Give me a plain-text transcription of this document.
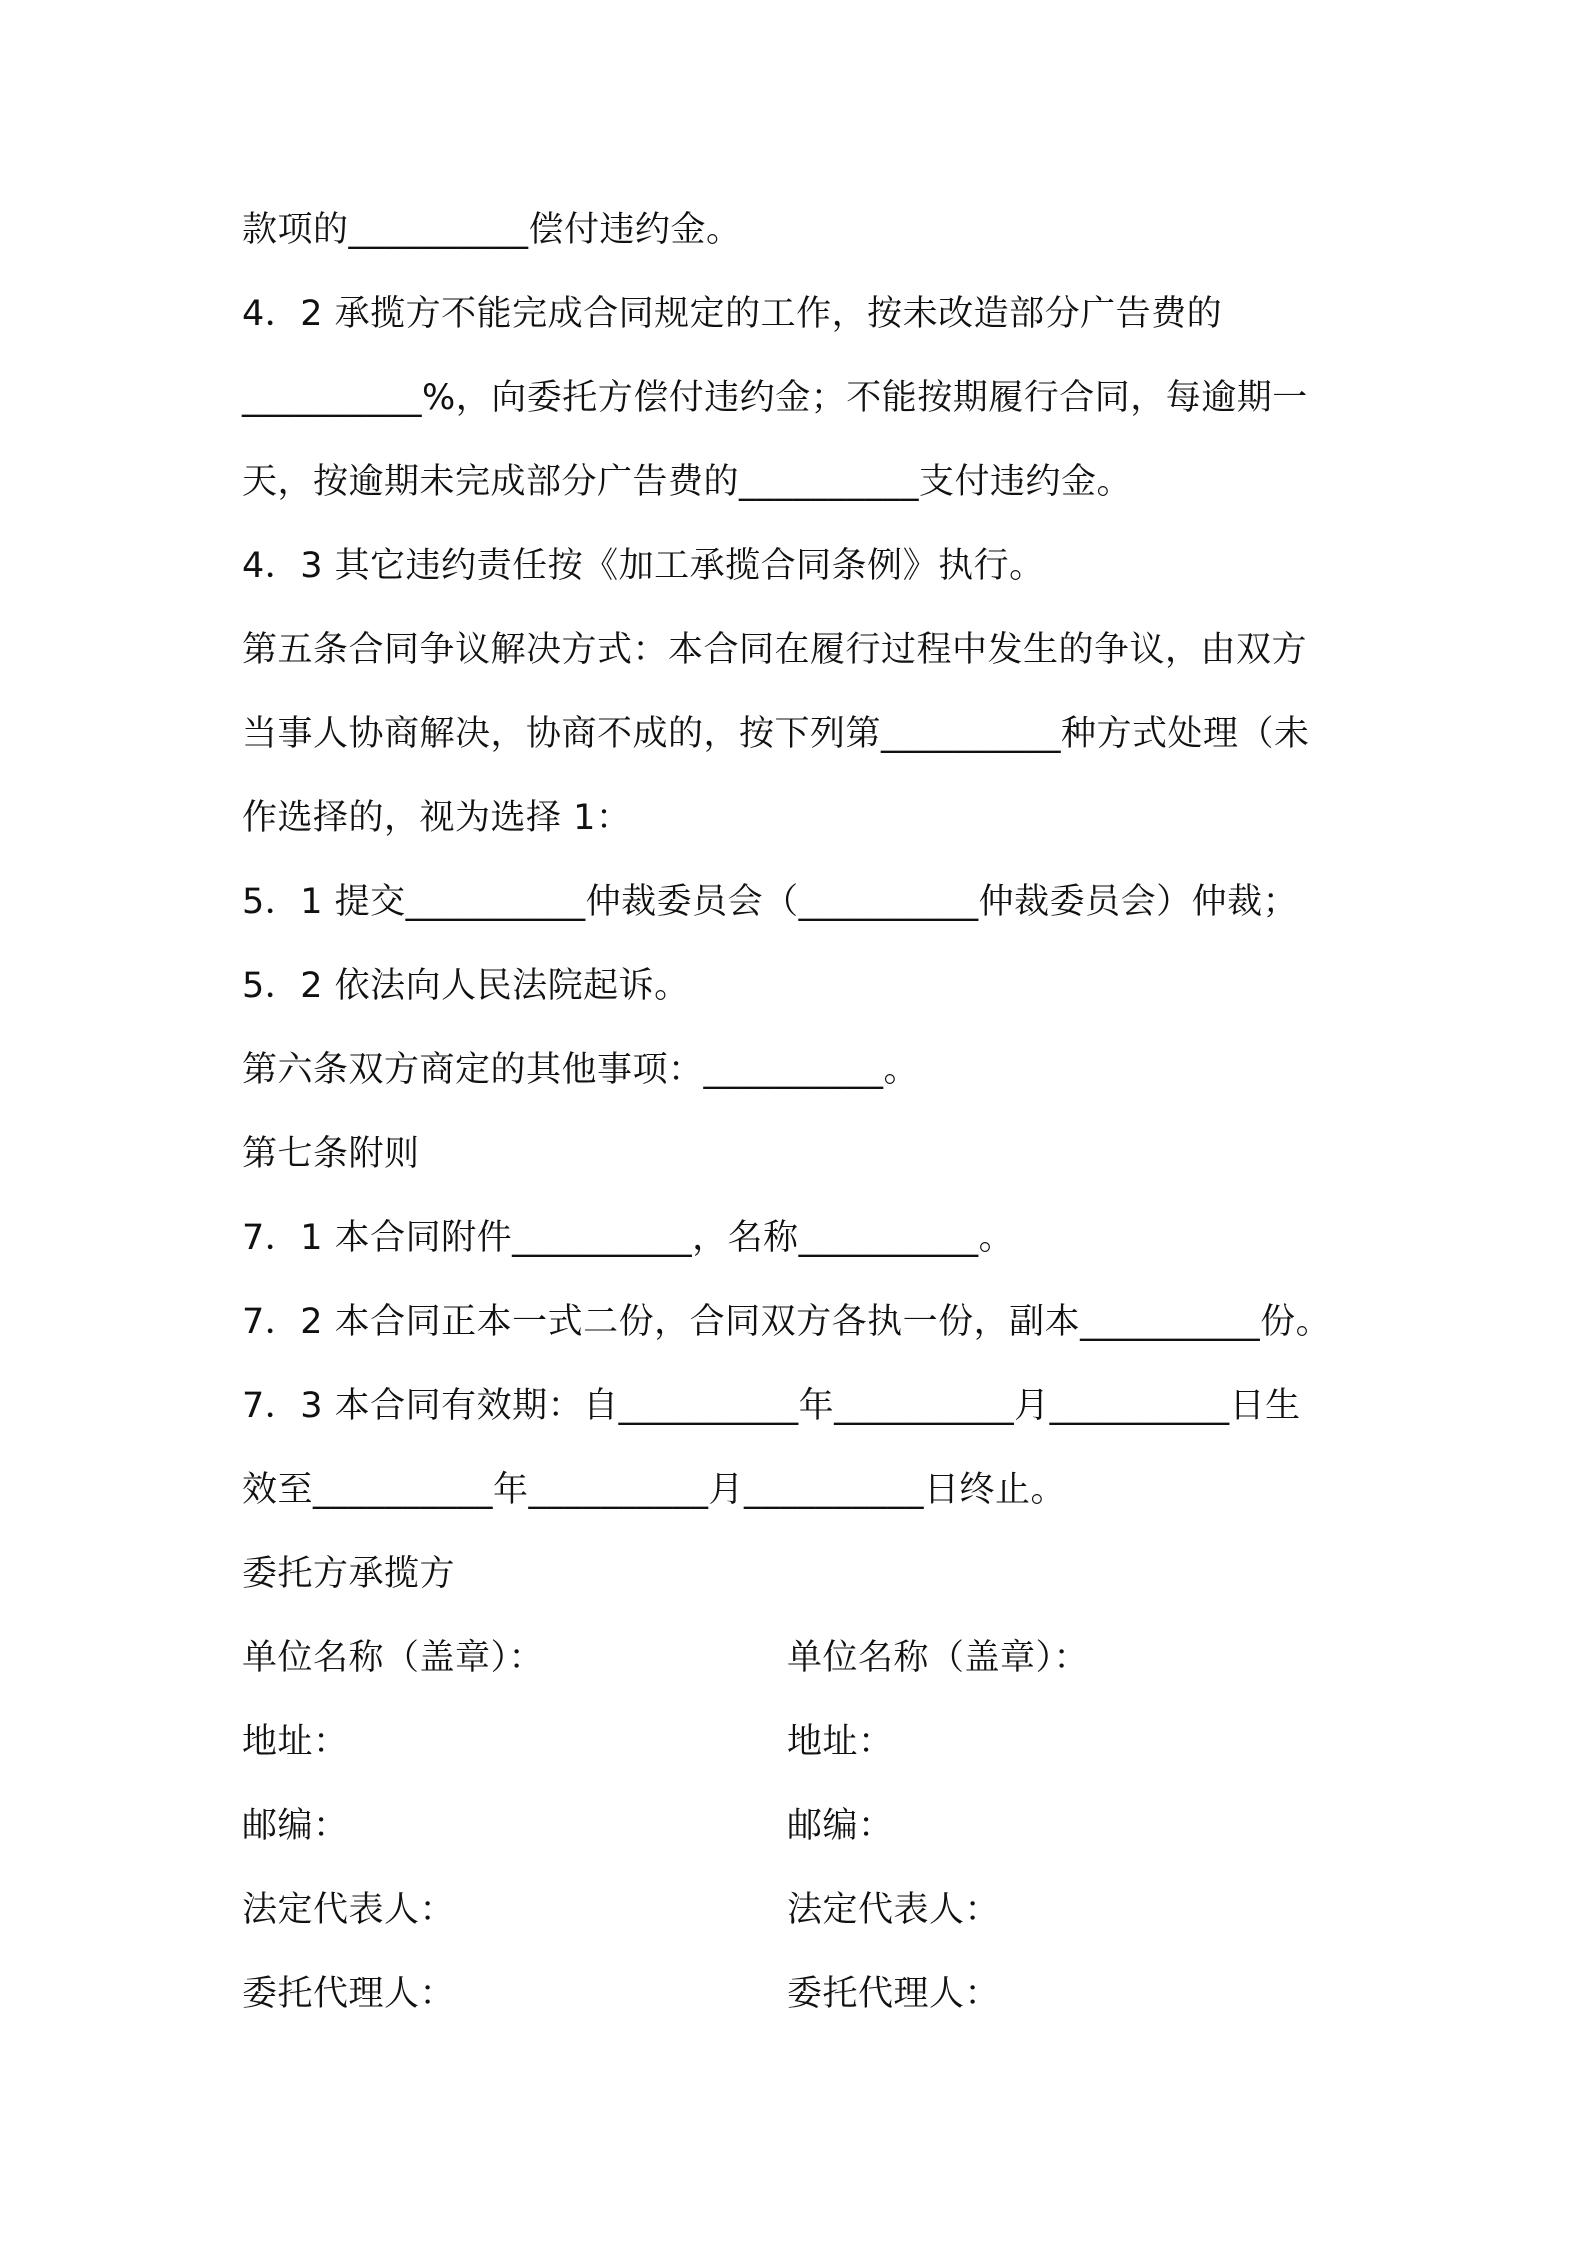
款项的__________偿付违约金。
4．2 承揽方不能完成合同规定的工作，按未改造部分广告费的
__________%，向委托方偿付违约金；不能按期履行合同，每逾期一
天，按逾期未完成部分广告费的__________支付违约金。
4．3 其它违约责任按《加工承揽合同条例》执行。
第五条合同争议解决方式：本合同在履行过程中发生的争议，由双方
当事人协商解决，协商不成的，按下列第__________种方式处理（未
作选择的，视为选择 1：
5．1 提交__________仲裁委员会（__________仲裁委员会）仲裁；
5．2 依法向人民法院起诉。
第六条双方商定的其他事项：__________。
第七条附则
7．1 本合同附件__________，名称__________。
7．2 本合同正本一式二份，合同双方各执一份，副本__________份。
7．3 本合同有效期：自__________年__________月__________日生
效至__________年__________月__________日终止。
委托方承揽方
单位名称（盖章）：	单位名称（盖章）：
地址：	地址：
邮编：	邮编：
法定代表人：	法定代表人：
委托代理人：	委托代理人：
